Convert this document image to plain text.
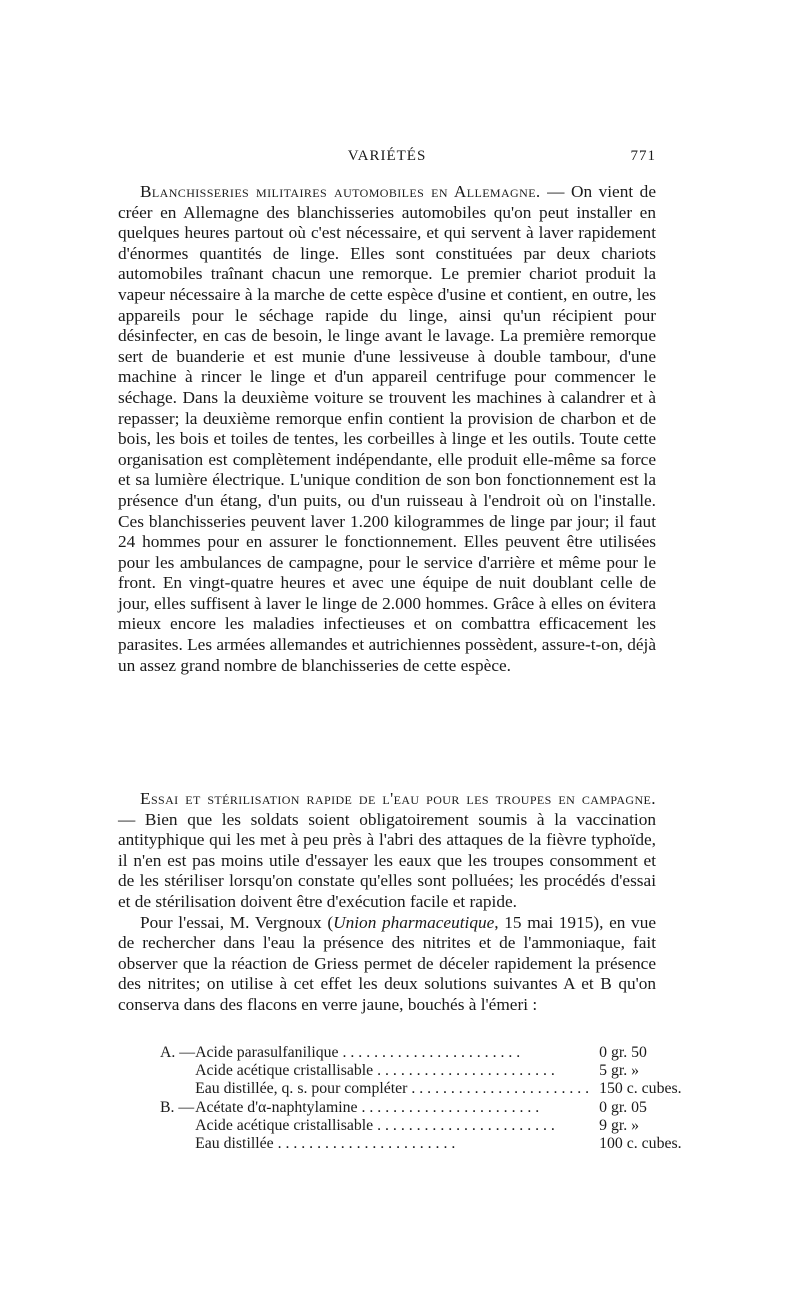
VARIÉTÉS	771

Blanchisseries militaires automobiles en Allemagne. — On vient de créer en Allemagne des blanchisseries automobiles qu'on peut installer en quelques heures partout où c'est nécessaire, et qui servent à laver rapidement d'énormes quantités de linge. Elles sont constituées par deux chariots automobiles traînant chacun une remorque. Le premier chariot produit la vapeur nécessaire à la marche de cette espèce d'usine et contient, en outre, les appareils pour le séchage rapide du linge, ainsi qu'un récipient pour désinfecter, en cas de besoin, le linge avant le lavage. La première remorque sert de buanderie et est munie d'une lessiveuse à double tambour, d'une machine à rincer le linge et d'un appareil centrifuge pour commencer le séchage. Dans la deuxième voiture se trouvent les machines à calandrer et à repasser; la deuxième remorque enfin contient la provision de charbon et de bois, les bois et toiles de tentes, les corbeilles à linge et les outils. Toute cette organisation est complètement indépendante, elle produit elle-même sa force et sa lumière électrique. L'unique condition de son bon fonctionnement est la présence d'un étang, d'un puits, ou d'un ruisseau à l'endroit où on l'installe. Ces blanchisseries peuvent laver 1.200 kilogrammes de linge par jour; il faut 24 hommes pour en assurer le fonctionnement. Elles peuvent être utilisées pour les ambulances de campagne, pour le service d'arrière et même pour le front. En vingt-quatre heures et avec une équipe de nuit doublant celle de jour, elles suffisent à laver le linge de 2.000 hommes. Grâce à elles on évitera mieux encore les maladies infectieuses et on combattra efficacement les parasites. Les armées allemandes et autrichiennes possèdent, assure-t-on, déjà un assez grand nombre de blanchisseries de cette espèce.

Essai et stérilisation rapide de l'eau pour les troupes en campagne. — Bien que les soldats soient obligatoirement soumis à la vaccination antityphique qui les met à peu près à l'abri des attaques de la fièvre typhoïde, il n'en est pas moins utile d'essayer les eaux que les troupes consomment et de les stériliser lorsqu'on constate qu'elles sont polluées; les procédés d'essai et de stérilisation doivent être d'exécution facile et rapide.

Pour l'essai, M. Vergnoux (Union pharmaceutique, 15 mai 1915), en vue de rechercher dans l'eau la présence des nitrites et de l'ammoniaque, fait observer que la réaction de Griess permet de déceler rapidement la présence des nitrites; on utilise à cet effet les deux solutions suivantes A et B qu'on conserva dans des flacons en verre jaune, bouchés à l'émeri :

A. —	Acide parasulfanilique . . . . . . . . . . . . . . . . . . . . . . .	0 gr. 50
	Acide acétique cristallisable . . . . . . . . . . . . . . . . . . . . . . .	5 gr. »
	Eau distillée, q. s. pour compléter . . . . . . . . . . . . . . . . . . . . . . .	150 c. cubes.
B. —	Acétate d'α-naphtylamine . . . . . . . . . . . . . . . . . . . . . . .	0 gr. 05
	Acide acétique cristallisable . . . . . . . . . . . . . . . . . . . . . . .	9 gr. »
	Eau distillée . . . . . . . . . . . . . . . . . . . . . . .	100 c. cubes.
